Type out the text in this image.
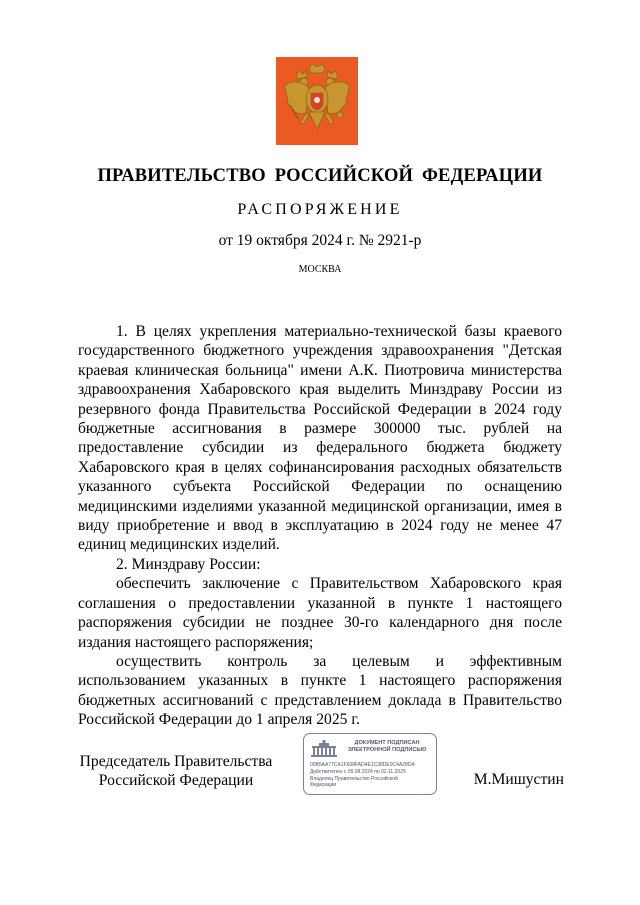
ПРАВИТЕЛЬСТВО РОССИЙСКОЙ ФЕДЕРАЦИИ
РАСПОРЯЖЕНИЕ
от 19 октября 2024 г. № 2921-р
МОСКВА

1. В целях укрепления материально-технической базы краевого государственного бюджетного учреждения здравоохранения "Детская краевая клиническая больница" имени А.К. Пиотровича министерства здравоохранения Хабаровского края выделить Минздраву России из резервного фонда Правительства Российской Федерации в 2024 году бюджетные ассигнования в размере 300000 тыс. рублей на предоставление субсидии из федерального бюджета бюджету Хабаровского края в целях софинансирования расходных обязательств указанного субъекта Российской Федерации по оснащению медицинскими изделиями указанной медицинской организации, имея в виду приобретение и ввод в эксплуатацию в 2024 году не менее 47 единиц медицинских изделий.

2. Минздраву России:

обеспечить заключение с Правительством Хабаровского края соглашения о предоставлении указанной в пункте 1 настоящего распоряжения субсидии не позднее 30-го календарного дня после издания настоящего распоряжения;

осуществить контроль за целевым и эффективным использованием указанных в пункте 1 настоящего распоряжения бюджетных ассигнований с представлением доклада в Правительство Российской Федерации до 1 апреля 2025 г.

Председатель Правительства
Российской Федерации
ДОКУМЕНТ ПОДПИСАН
ЭЛЕКТРОННОЙ ПОДПИСЬЮ
00B5AA77CA1F608FAD4E1C38DE0C4A28DA
Действителен с 09.08.2024 по 02.11.2025
Владелец Правительство Российской
Федерации	М.Мишустин
